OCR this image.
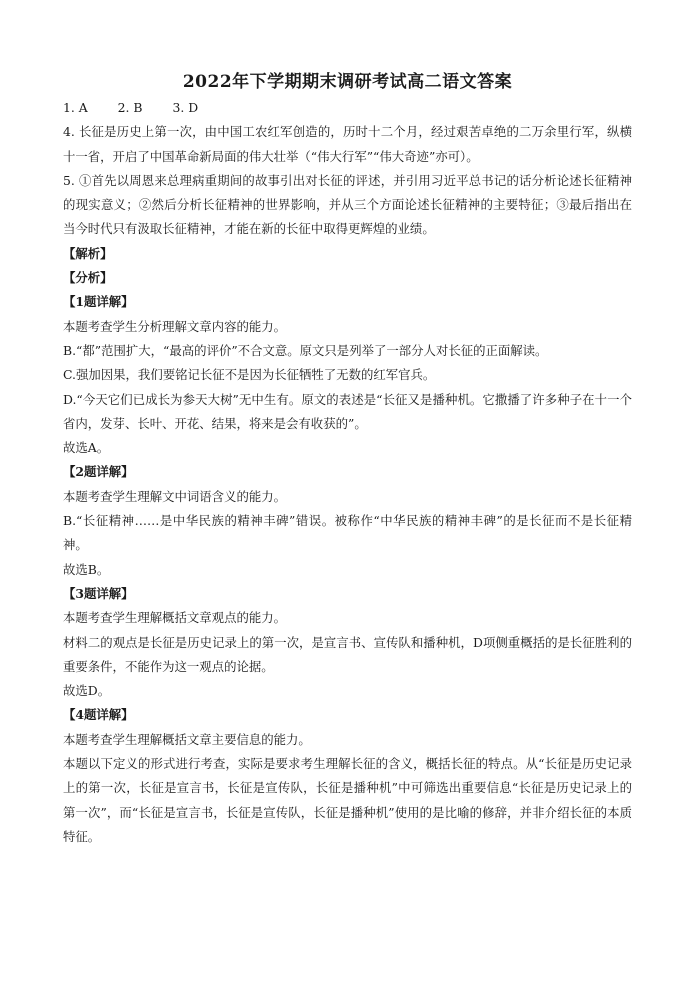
2022年下学期期末调研考试高二语文答案

1. A 2. B 3. D

4. 长征是历史上第一次，由中国工农红军创造的，历时十二个月，经过艰苦卓绝的二万余里行军，纵横十一省，开启了中国革命新局面的伟大壮举（“伟大行军”“伟大奇迹”亦可）。

5. ①首先以周恩来总理病重期间的故事引出对长征的评述，并引用习近平总书记的话分析论述长征精神的现实意义；②然后分析长征精神的世界影响，并从三个方面论述长征精神的主要特征；③最后指出在当今时代只有汲取长征精神，才能在新的长征中取得更辉煌的业绩。

【解析】

【分析】

【1题详解】

本题考查学生分析理解文章内容的能力。

B.“都”范围扩大，“最高的评价”不合文意。原文只是列举了一部分人对长征的正面解读。

C.强加因果，我们要铭记长征不是因为长征牺牲了无数的红军官兵。

D.“今天它们已成长为参天大树”无中生有。原文的表述是“长征又是播种机。它撒播了许多种子在十一个省内，发芽、长叶、开花、结果，将来是会有收获的”。

故选A。

【2题详解】

本题考查学生理解文中词语含义的能力。

B.“长征精神……是中华民族的精神丰碑”错误。被称作“中华民族的精神丰碑”的是长征而不是长征精神。

故选B。

【3题详解】

本题考查学生理解概括文章观点的能力。

材料二的观点是长征是历史记录上的第一次，是宣言书、宣传队和播种机，D项侧重概括的是长征胜利的重要条件，不能作为这一观点的论据。

故选D。

【4题详解】

本题考查学生理解概括文章主要信息的能力。

本题以下定义的形式进行考查，实际是要求考生理解长征的含义，概括长征的特点。从“长征是历史记录上的第一次，长征是宣言书，长征是宣传队，长征是播种机”中可筛选出重要信息“长征是历史记录上的第一次”，而“长征是宣言书，长征是宣传队，长征是播种机”使用的是比喻的修辞，并非介绍长征的本质特征。
